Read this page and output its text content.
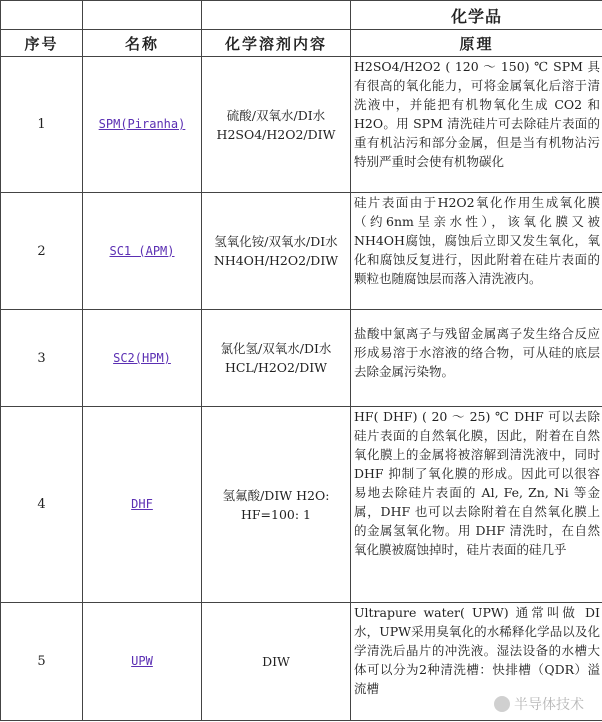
			化学品
序号	名称	化学溶剂内容	原理
1	SPM(Piranha)	硫酸/双氧水/DI水 H2SO4/H2O2/DIW	H2SO4/H2O2 ( 120 ～ 150) ℃ SPM 具有很高的氧化能力，可将金属氧化后溶于清洗液中，并能把有机物氧化生成 CO2 和 H2O。用 SPM 清洗硅片可去除硅片表面的重有机沾污和部分金属，但是当有机物沾污特别严重时会使有机物碳化

2	SC1 (APM)	氢氧化铵/双氧水/DI水 NH4OH/H2O2/DIW	硅片表面由于H2O2氧化作用生成氧化膜（约6nm呈亲水性），该氧化膜又被NH4OH腐蚀，腐蚀后立即又发生氧化，氧化和腐蚀反复进行，因此附着在硅片表面的颗粒也随腐蚀层而落入清洗液内。

3	SC2(HPM)	氯化氢/双氧水/DI水 HCL/H2O2/DIW	盐酸中氯离子与残留金属离子发生络合反应形成易溶于水溶液的络合物，可从硅的底层去除金属污染物。

4	DHF	氢氟酸/DIW H2O: HF=100: 1	HF( DHF) ( 20 ～ 25) ℃ DHF 可以去除硅片表面的自然氧化膜，因此，附着在自然氧化膜上的金属将被溶解到清洗液中，同时 DHF 抑制了氧化膜的形成。因此可以很容易地去除硅片表面的 Al, Fe, Zn, Ni 等金属，DHF 也可以去除附着在自然氧化膜上的金属氢氧化物。用 DHF 清洗时，在自然氧化膜被腐蚀掉时，硅片表面的硅几乎

5	UPW	DIW	Ultrapure water( UPW) 通常叫做 DI 水，UPW采用臭氧化的水稀释化学品以及化学清洗后晶片的冲洗液。湿法设备的水槽大体可以分为2种清洗槽：快排槽（QDR）溢流槽
半导体技术
